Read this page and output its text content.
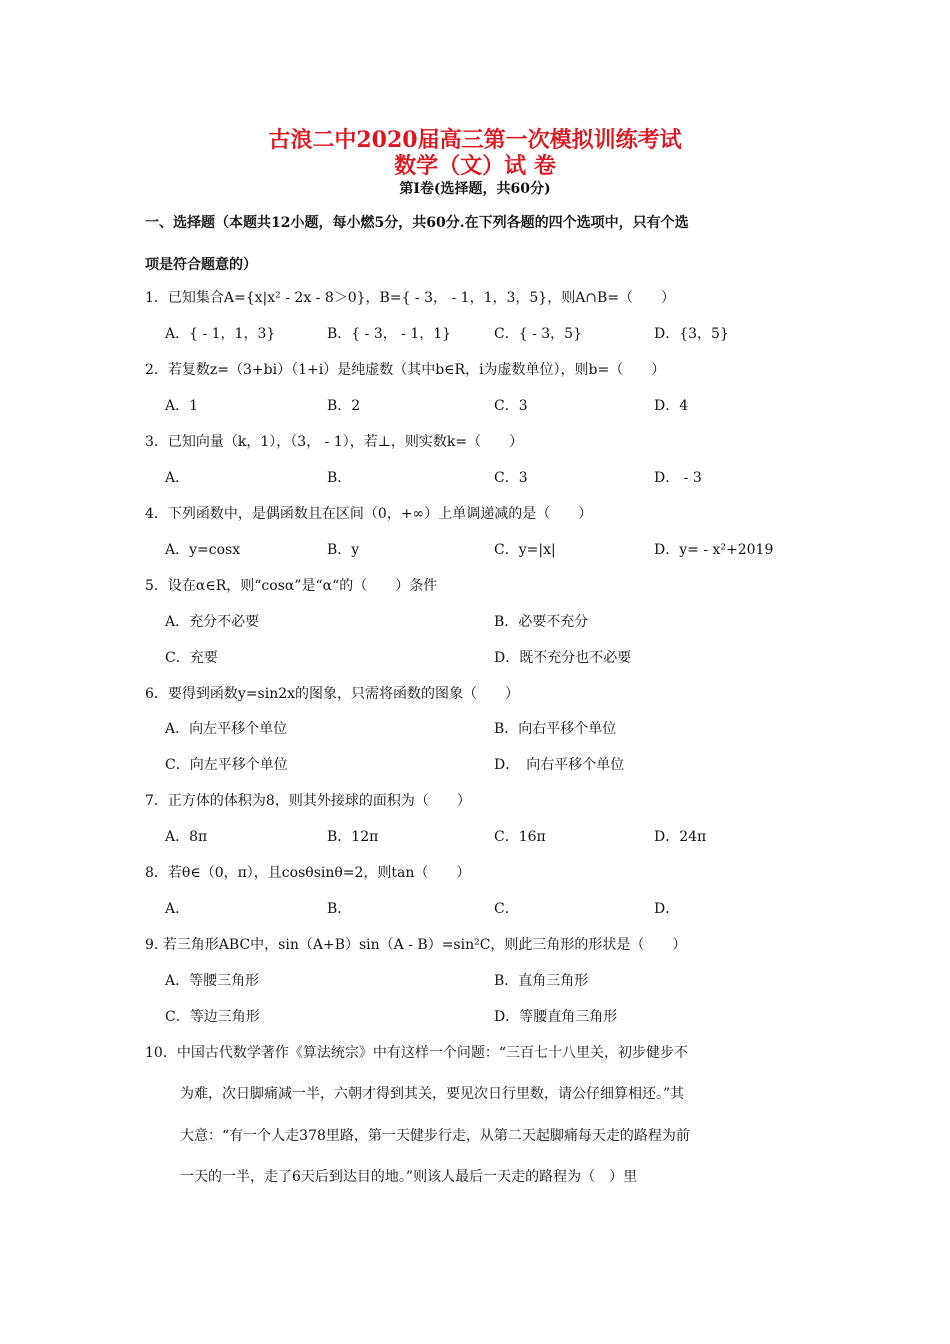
古浪二中2020届高三第一次模拟训练考试
数学（文）试 卷
第Ⅰ卷(选择题，共60分)
一、选择题（本题共12小题，每小燃5分，共60分.在下列各题的四个选项中，只有个选
项是符合题意的）
1．已知集合A={x|x² - 2x - 8＞0}，B={ - 3， - 1，1，3，5}，则A∩B=（　　）
A．{ - 1，1，3}	B．{ - 3， - 1，1}	C．{ - 3，5}	D．{3，5}
2．若复数z=（3+bi）（1+i）是纯虚数（其中b∈R，i为虚数单位），则b=（　　）
A．1	B．2	C．3	D．4
3．已知向量（k，1），（3， - 1），若⊥，则实数k=（　　）
A．	B．	C．3	D． - 3
4．下列函数中，是偶函数且在区间（0，+∞）上单调递减的是（　　）
A．y=cosx	B．y	C．y=|x|	D．y= - x²+2019
5．设在α∈R，则“cosα”是“α“的（　　）条件
A．充分不必要	B．必要不充分
C．充要	D．既不充分也不必要
6．要得到函数y=sin2x的图象，只需将函数的图象（　　）
A．向左平移个单位	B．向右平移个单位
C．向左平移个单位	D．　向右平移个单位
7．正方体的体积为8，则其外接球的面积为（　　）
A．8π	B．12π	C．16π	D．24π
8．若θ∈（0，π），且cosθsinθ=2，则tan（　　）
A．	B．	C．	D．
9. 若三角形ABC中，sin（A+B）sin（A - B）=sin²C，则此三角形的形状是（　　）
A．等腰三角形	B．直角三角形
C．等边三角形	D．等腰直角三角形
10．中国古代数学著作《算法统宗》中有这样一个问题：“三百七十八里关，初步健步不
为难，次日脚痛减一半，六朝才得到其关，要见次日行里数，请公仔细算相还。”其
大意：“有一个人走378里路，第一天健步行走，从第二天起脚痛每天走的路程为前
一天的一半，走了6天后到达目的地。”则该人最后一天走的路程为（　）里
